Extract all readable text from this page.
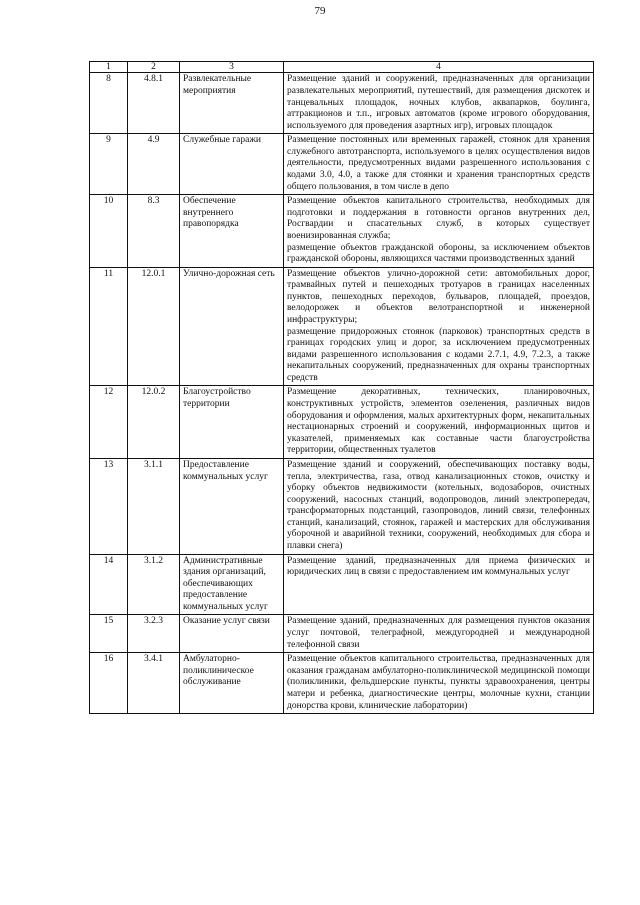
79
1	2	3	4
8	4.8.1	Развлекательные мероприятия	Размещение зданий и сооружений, предназначенных для организации развлекательных мероприятий, путешествий, для размещения дискотек и танцевальных площадок, ночных клубов, аквапарков, боулинга, аттракционов и т.п., игровых автоматов (кроме игрового оборудования, используемого для проведения азартных игр), игровых площадок

9	4.9	Служебные гаражи	Размещение постоянных или временных гаражей, стоянок для хранения служебного автотранспорта, используемого в целях осуществления видов деятельности, предусмотренных видами разрешенного использования с кодами 3.0, 4.0, а также для стоянки и хранения транспортных средств общего пользования, в том числе в депо

10	8.3	Обеспечение внутреннего правопорядка	Размещение объектов капитального строительства, необходимых для подготовки и поддержания в готовности органов внутренних дел, Росгвардии и спасательных служб, в которых существует военизированная служба;
размещение объектов гражданской обороны, за исключением объектов гражданской обороны, являющихся частями производственных зданий

11	12.0.1	Улично-дорожная сеть	Размещение объектов улично-дорожной сети: автомобильных дорог, трамвайных путей и пешеходных тротуаров в границах населенных пунктов, пешеходных переходов, бульваров, площадей, проездов, велодорожек и объектов велотранспортной и инженерной инфраструктуры;
размещение придорожных стоянок (парковок) транспортных средств в границах городских улиц и дорог, за исключением предусмотренных видами разрешенного использования с кодами 2.7.1, 4.9, 7.2.3, а также некапитальных сооружений, предназначенных для охраны транспортных средств

12	12.0.2	Благоустройство территории	Размещение декоративных, технических, планировочных, конструктивных устройств, элементов озеленения, различных видов оборудования и оформления, малых архитектурных форм, некапитальных нестационарных строений и сооружений, информационных щитов и указателей, применяемых как составные части благоустройства территории, общественных туалетов

13	3.1.1	Предоставление коммунальных услуг	Размещение зданий и сооружений, обеспечивающих поставку воды, тепла, электричества, газа, отвод канализационных стоков, очистку и уборку объектов недвижимости (котельных, водозаборов, очистных сооружений, насосных станций, водопроводов, линий электропередач, трансформаторных подстанций, газопроводов, линий связи, телефонных станций, канализаций, стоянок, гаражей и мастерских для обслуживания уборочной и аварийной техники, сооружений, необходимых для сбора и плавки снега)

14	3.1.2	Административные здания организаций, обеспечивающих предоставление коммунальных услуг	Размещение зданий, предназначенных для приема физических и юридических лиц в связи с предоставлением им коммунальных услуг

15	3.2.3	Оказание услуг связи	Размещение зданий, предназначенных для размещения пунктов оказания услуг почтовой, телеграфной, междугородней и международной телефонной связи

16	3.4.1	Амбулаторно-поликлиническое обслуживание	Размещение объектов капитального строительства, предназначенных для оказания гражданам амбулаторно-поликлинической медицинской помощи (поликлиники, фельдшерские пункты, пункты здравоохранения, центры матери и ребенка, диагностические центры, молочные кухни, станции донорства крови, клинические лаборатории)
